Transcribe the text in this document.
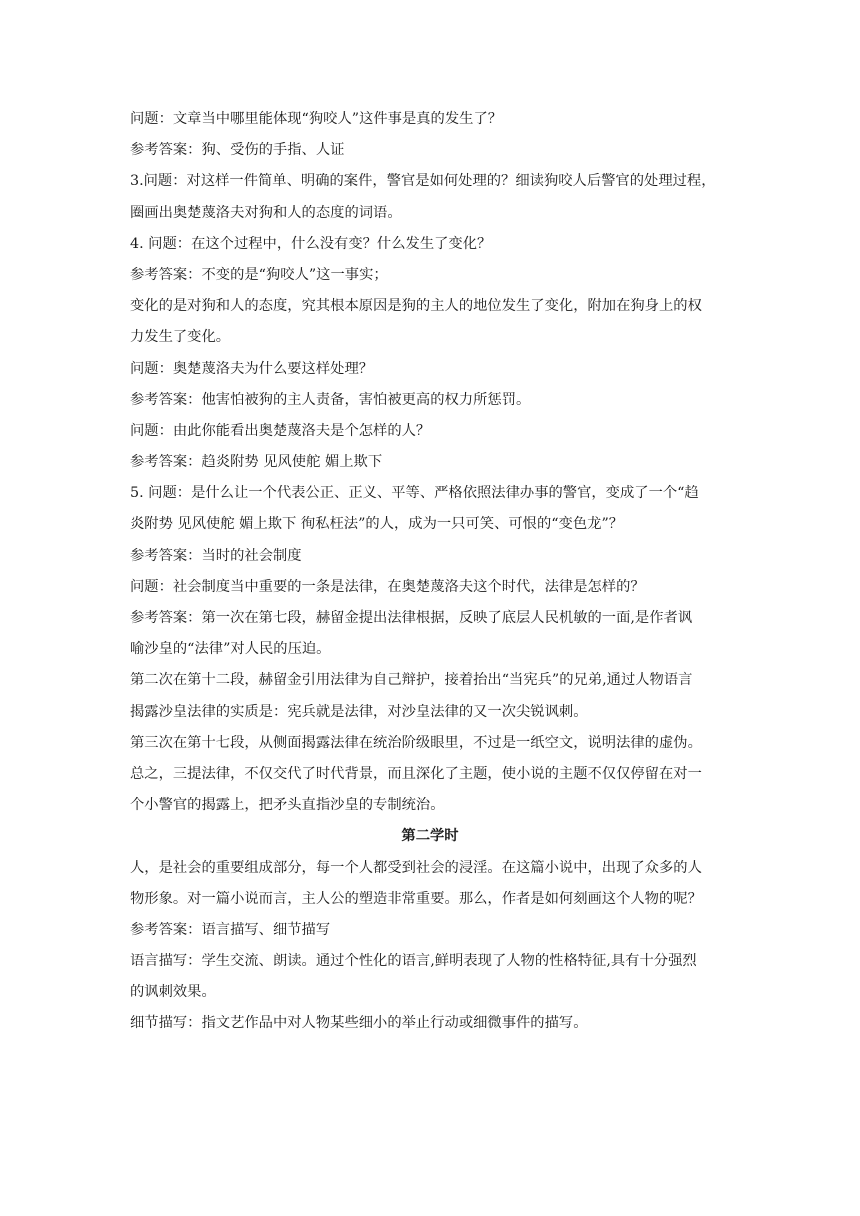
问题：文章当中哪里能体现“狗咬人”这件事是真的发生了？
参考答案：狗、受伤的手指、人证
3.问题：对这样一件简单、明确的案件，警官是如何处理的？细读狗咬人后警官的处理过程，
圈画出奥楚蔑洛夫对狗和人的态度的词语。
4. 问题：在这个过程中，什么没有变？什么发生了变化？
参考答案：不变的是“狗咬人”这一事实；
变化的是对狗和人的态度，究其根本原因是狗的主人的地位发生了变化，附加在狗身上的权
力发生了变化。
问题：奥楚蔑洛夫为什么要这样处理？
参考答案：他害怕被狗的主人责备，害怕被更高的权力所惩罚。
问题：由此你能看出奥楚蔑洛夫是个怎样的人？
参考答案：趋炎附势 见风使舵 媚上欺下
5. 问题：是什么让一个代表公正、正义、平等、严格依照法律办事的警官，变成了一个“趋
炎附势 见风使舵 媚上欺下 徇私枉法”的人，成为一只可笑、可恨的“变色龙”？
参考答案：当时的社会制度
问题：社会制度当中重要的一条是法律，在奥楚蔑洛夫这个时代，法律是怎样的？
参考答案：第一次在第七段，赫留金提出法律根据，反映了底层人民机敏的一面,是作者讽
喻沙皇的“法律”对人民的压迫。
第二次在第十二段，赫留金引用法律为自己辩护，接着抬出“当宪兵”的兄弟,通过人物语言
揭露沙皇法律的实质是：宪兵就是法律，对沙皇法律的又一次尖锐讽刺。
第三次在第十七段，从侧面揭露法律在统治阶级眼里，不过是一纸空文，说明法律的虚伪。
总之，三提法律，不仅交代了时代背景，而且深化了主题，使小说的主题不仅仅停留在对一
个小警官的揭露上，把矛头直指沙皇的专制统治。
第二学时
人，是社会的重要组成部分，每一个人都受到社会的浸淫。在这篇小说中，出现了众多的人
物形象。对一篇小说而言，主人公的塑造非常重要。那么，作者是如何刻画这个人物的呢？
参考答案：语言描写、细节描写
语言描写：学生交流、朗读。通过个性化的语言,鲜明表现了人物的性格特征,具有十分强烈
的讽刺效果。
细节描写：指文艺作品中对人物某些细小的举止行动或细微事件的描写。
